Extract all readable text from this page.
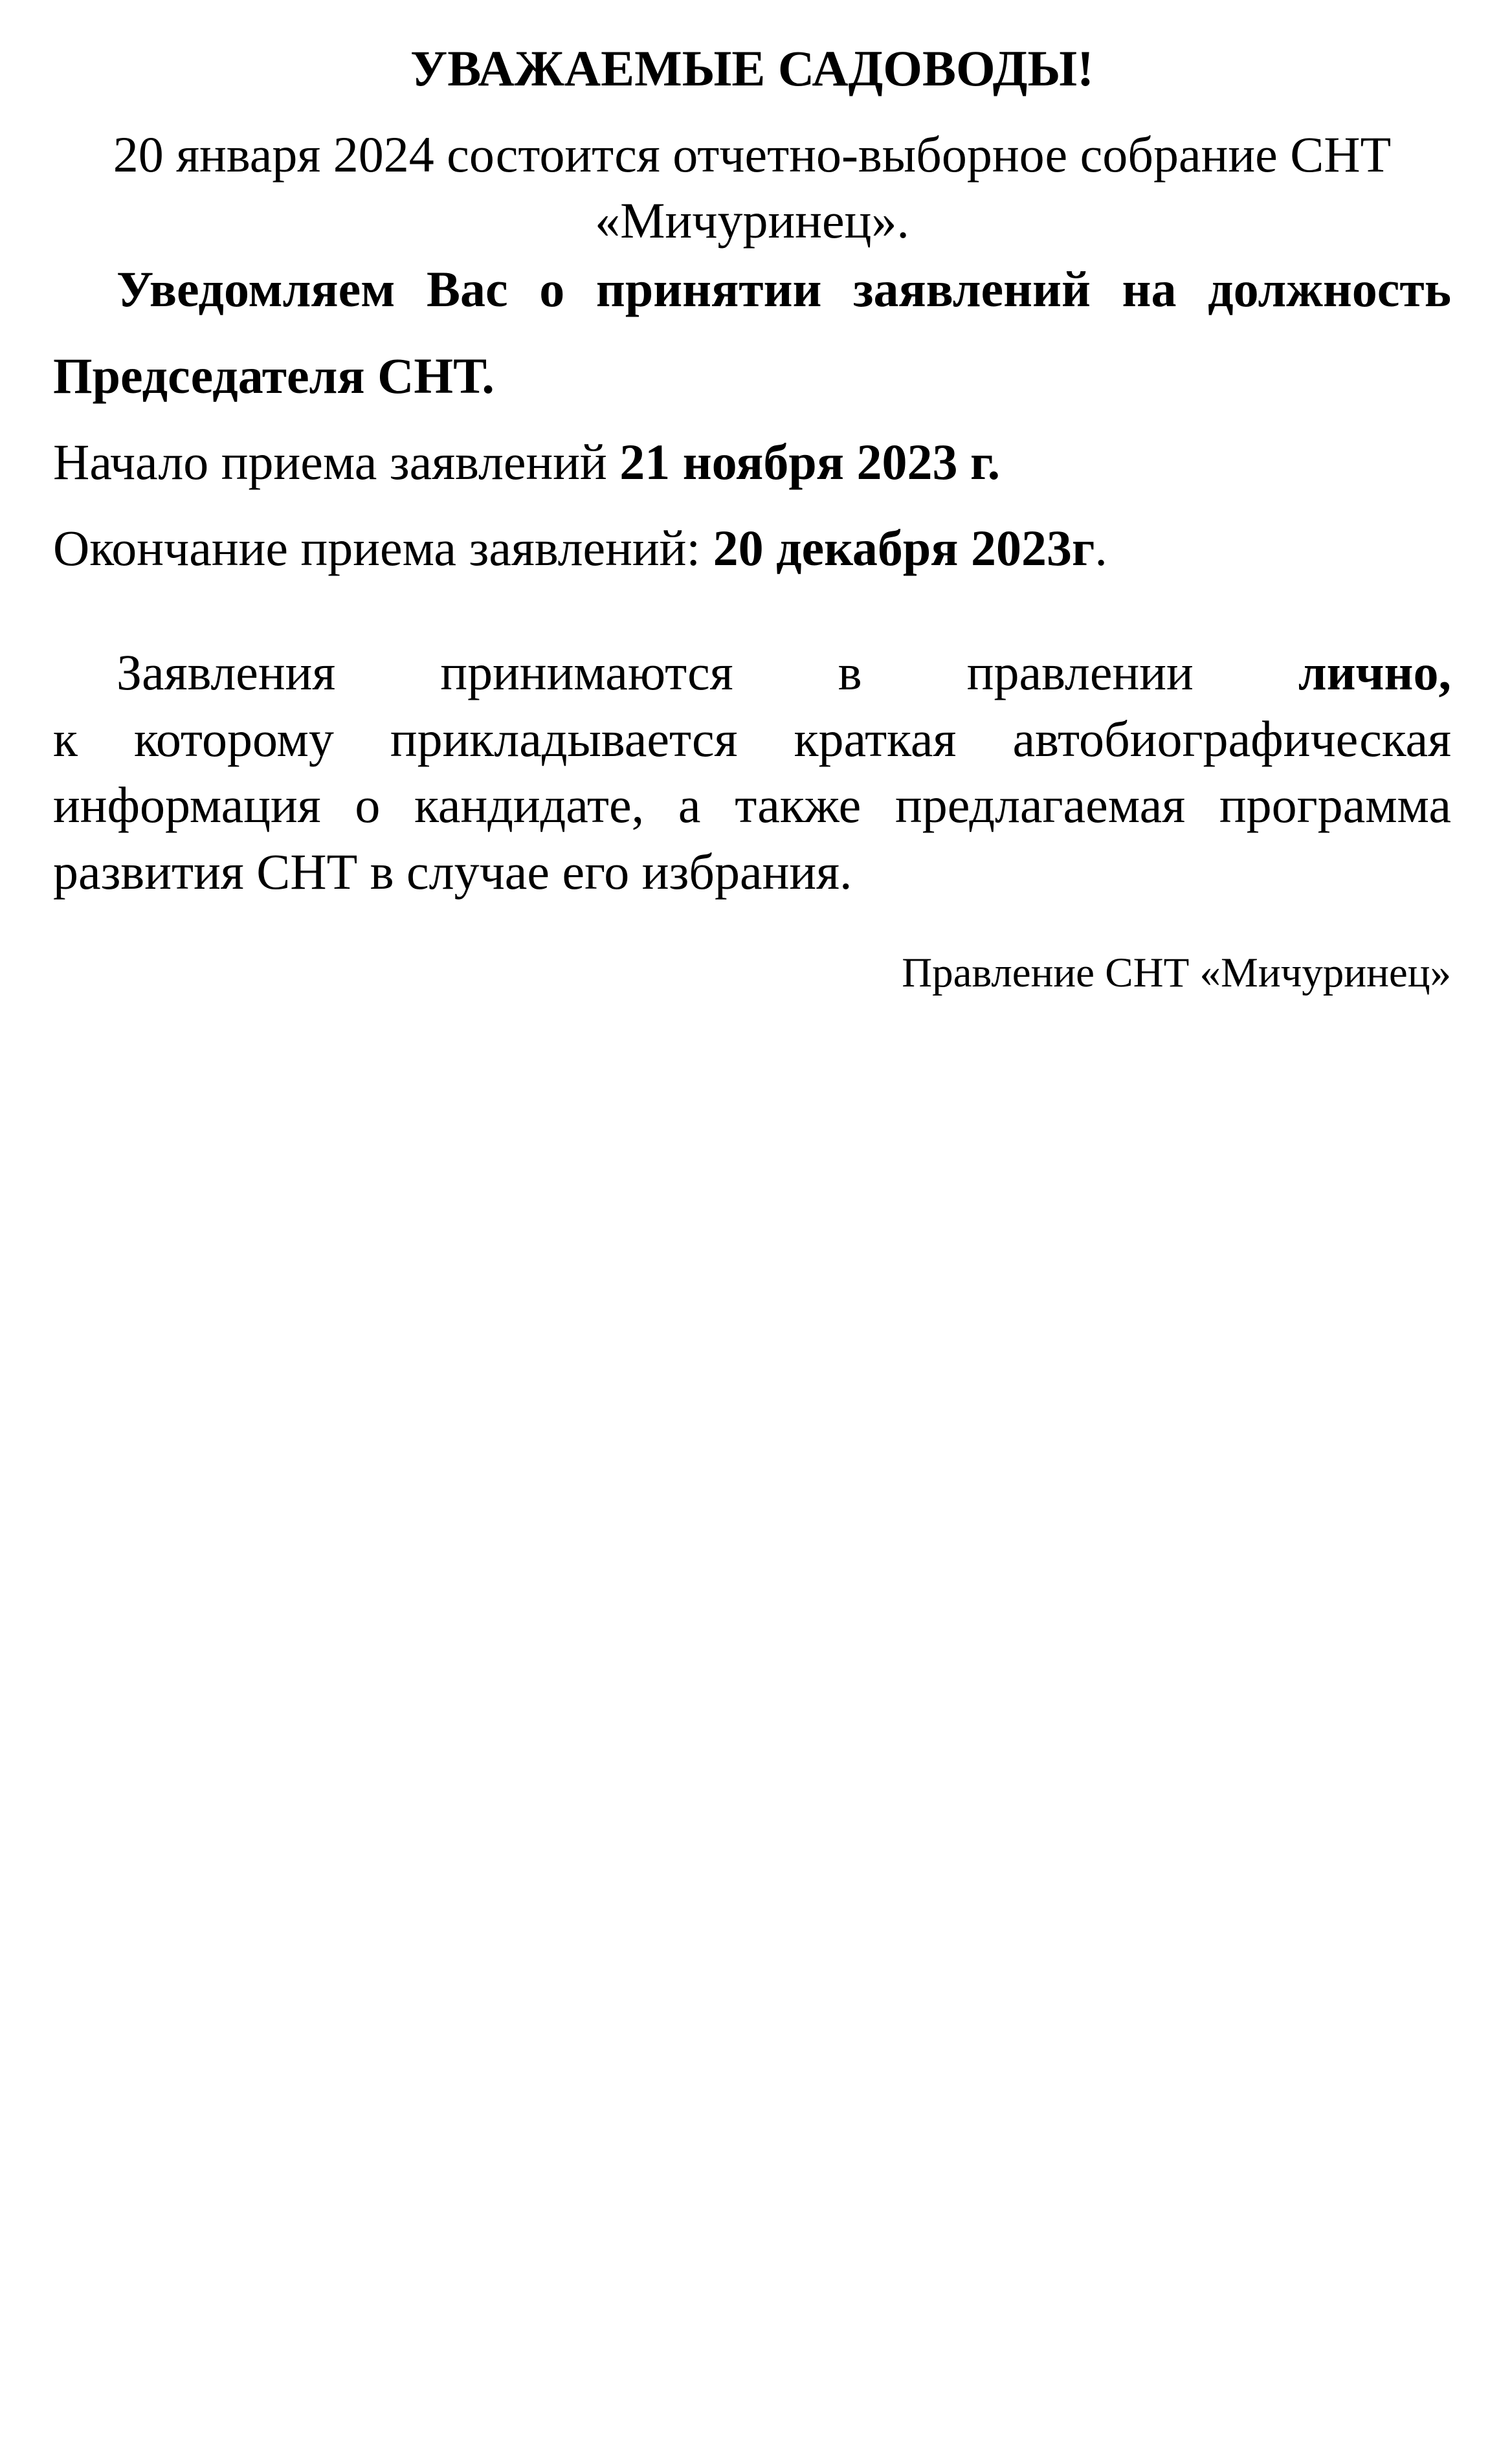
УВАЖАЕМЫЕ САДОВОДЫ!
20 января 2024 состоится отчетно-выборное собрание СНТ
«Мичуринец».
Уведомляем Вас о принятии заявлений на должность
Председателя СНТ.
Начало приема заявлений 21 ноября 2023 г.
Окончание приема заявлений: 20 декабря 2023г.
Заявления принимаются в правлении лично,
к которому прикладывается краткая автобиографическая
информация о кандидате, а также предлагаемая программа
развития СНТ в случае его избрания.
Правление СНТ «Мичуринец»
